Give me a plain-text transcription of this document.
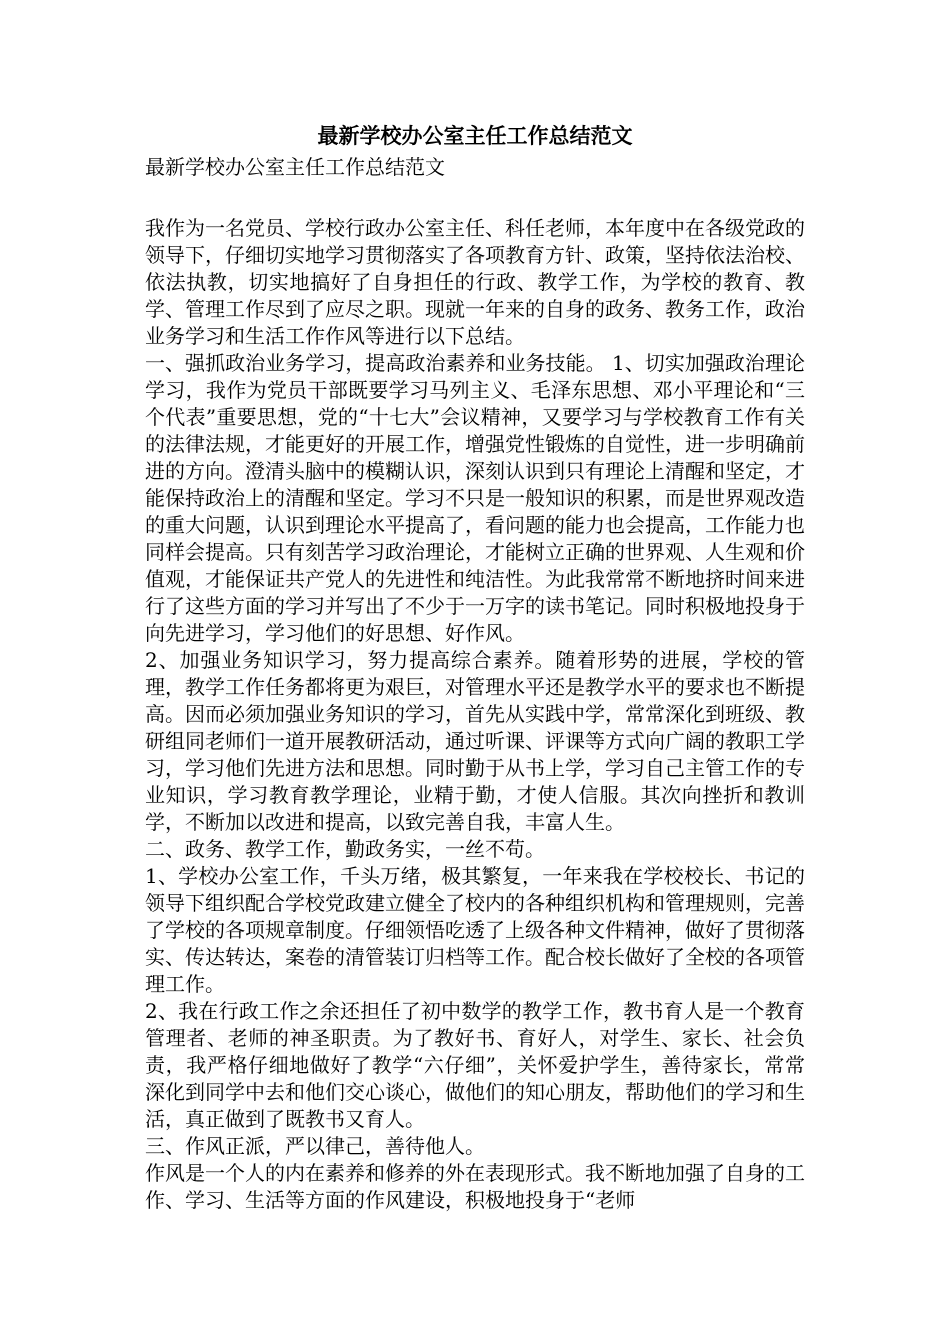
最新学校办公室主任工作总结范文
最新学校办公室主任工作总结范文

我作为一名党员、学校行政办公室主任、科任老师，本年度中在各级党政的领导下，仔细切实地学习贯彻落实了各项教育方针、政策，坚持依法治校、依法执教，切实地搞好了自身担任的行政、教学工作，为学校的教育、教学、管理工作尽到了应尽之职。现就一年来的自身的政务、教务工作，政治业务学习和生活工作作风等进行以下总结。

一、强抓政治业务学习，提高政治素养和业务技能。 1、切实加强政治理论学习，我作为党员干部既要学习马列主义、毛泽东思想、邓小平理论和“三个代表”重要思想，党的“十七大”会议精神，又要学习与学校教育工作有关的法律法规，才能更好的开展工作，增强党性锻炼的自觉性，进一步明确前进的方向。澄清头脑中的模糊认识，深刻认识到只有理论上清醒和坚定，才能保持政治上的清醒和坚定。学习不只是一般知识的积累，而是世界观改造的重大问题，认识到理论水平提高了，看问题的能力也会提高，工作能力也同样会提高。只有刻苦学习政治理论，才能树立正确的世界观、人生观和价值观，才能保证共产党人的先进性和纯洁性。为此我常常不断地挤时间来进行了这些方面的学习并写出了不少于一万字的读书笔记。同时积极地投身于向先进学习，学习他们的好思想、好作风。

2、加强业务知识学习，努力提高综合素养。随着形势的进展，学校的管理，教学工作任务都将更为艰巨，对管理水平还是教学水平的要求也不断提高。因而必须加强业务知识的学习，首先从实践中学，常常深化到班级、教研组同老师们一道开展教研活动，通过听课、评课等方式向广阔的教职工学习，学习他们先进方法和思想。同时勤于从书上学，学习自己主管工作的专业知识，学习教育教学理论，业精于勤，才使人信服。其次向挫折和教训学，不断加以改进和提高，以致完善自我，丰富人生。

二、政务、教学工作，勤政务实，一丝不苟。

1、学校办公室工作，千头万绪，极其繁复，一年来我在学校校长、书记的领导下组织配合学校党政建立健全了校内的各种组织机构和管理规则，完善了学校的各项规章制度。仔细领悟吃透了上级各种文件精神，做好了贯彻落实、传达转达，案卷的清管装订归档等工作。配合校长做好了全校的各项管理工作。

2、我在行政工作之余还担任了初中数学的教学工作，教书育人是一个教育管理者、老师的神圣职责。为了教好书、育好人，对学生、家长、社会负责，我严格仔细地做好了教学“六仔细”，关怀爱护学生，善待家长，常常深化到同学中去和他们交心谈心，做他们的知心朋友，帮助他们的学习和生活，真正做到了既教书又育人。

三、作风正派，严以律己，善待他人。

作风是一个人的内在素养和修养的外在表现形式。我不断地加强了自身的工作、学习、生活等方面的作风建设，积极地投身于“老师
